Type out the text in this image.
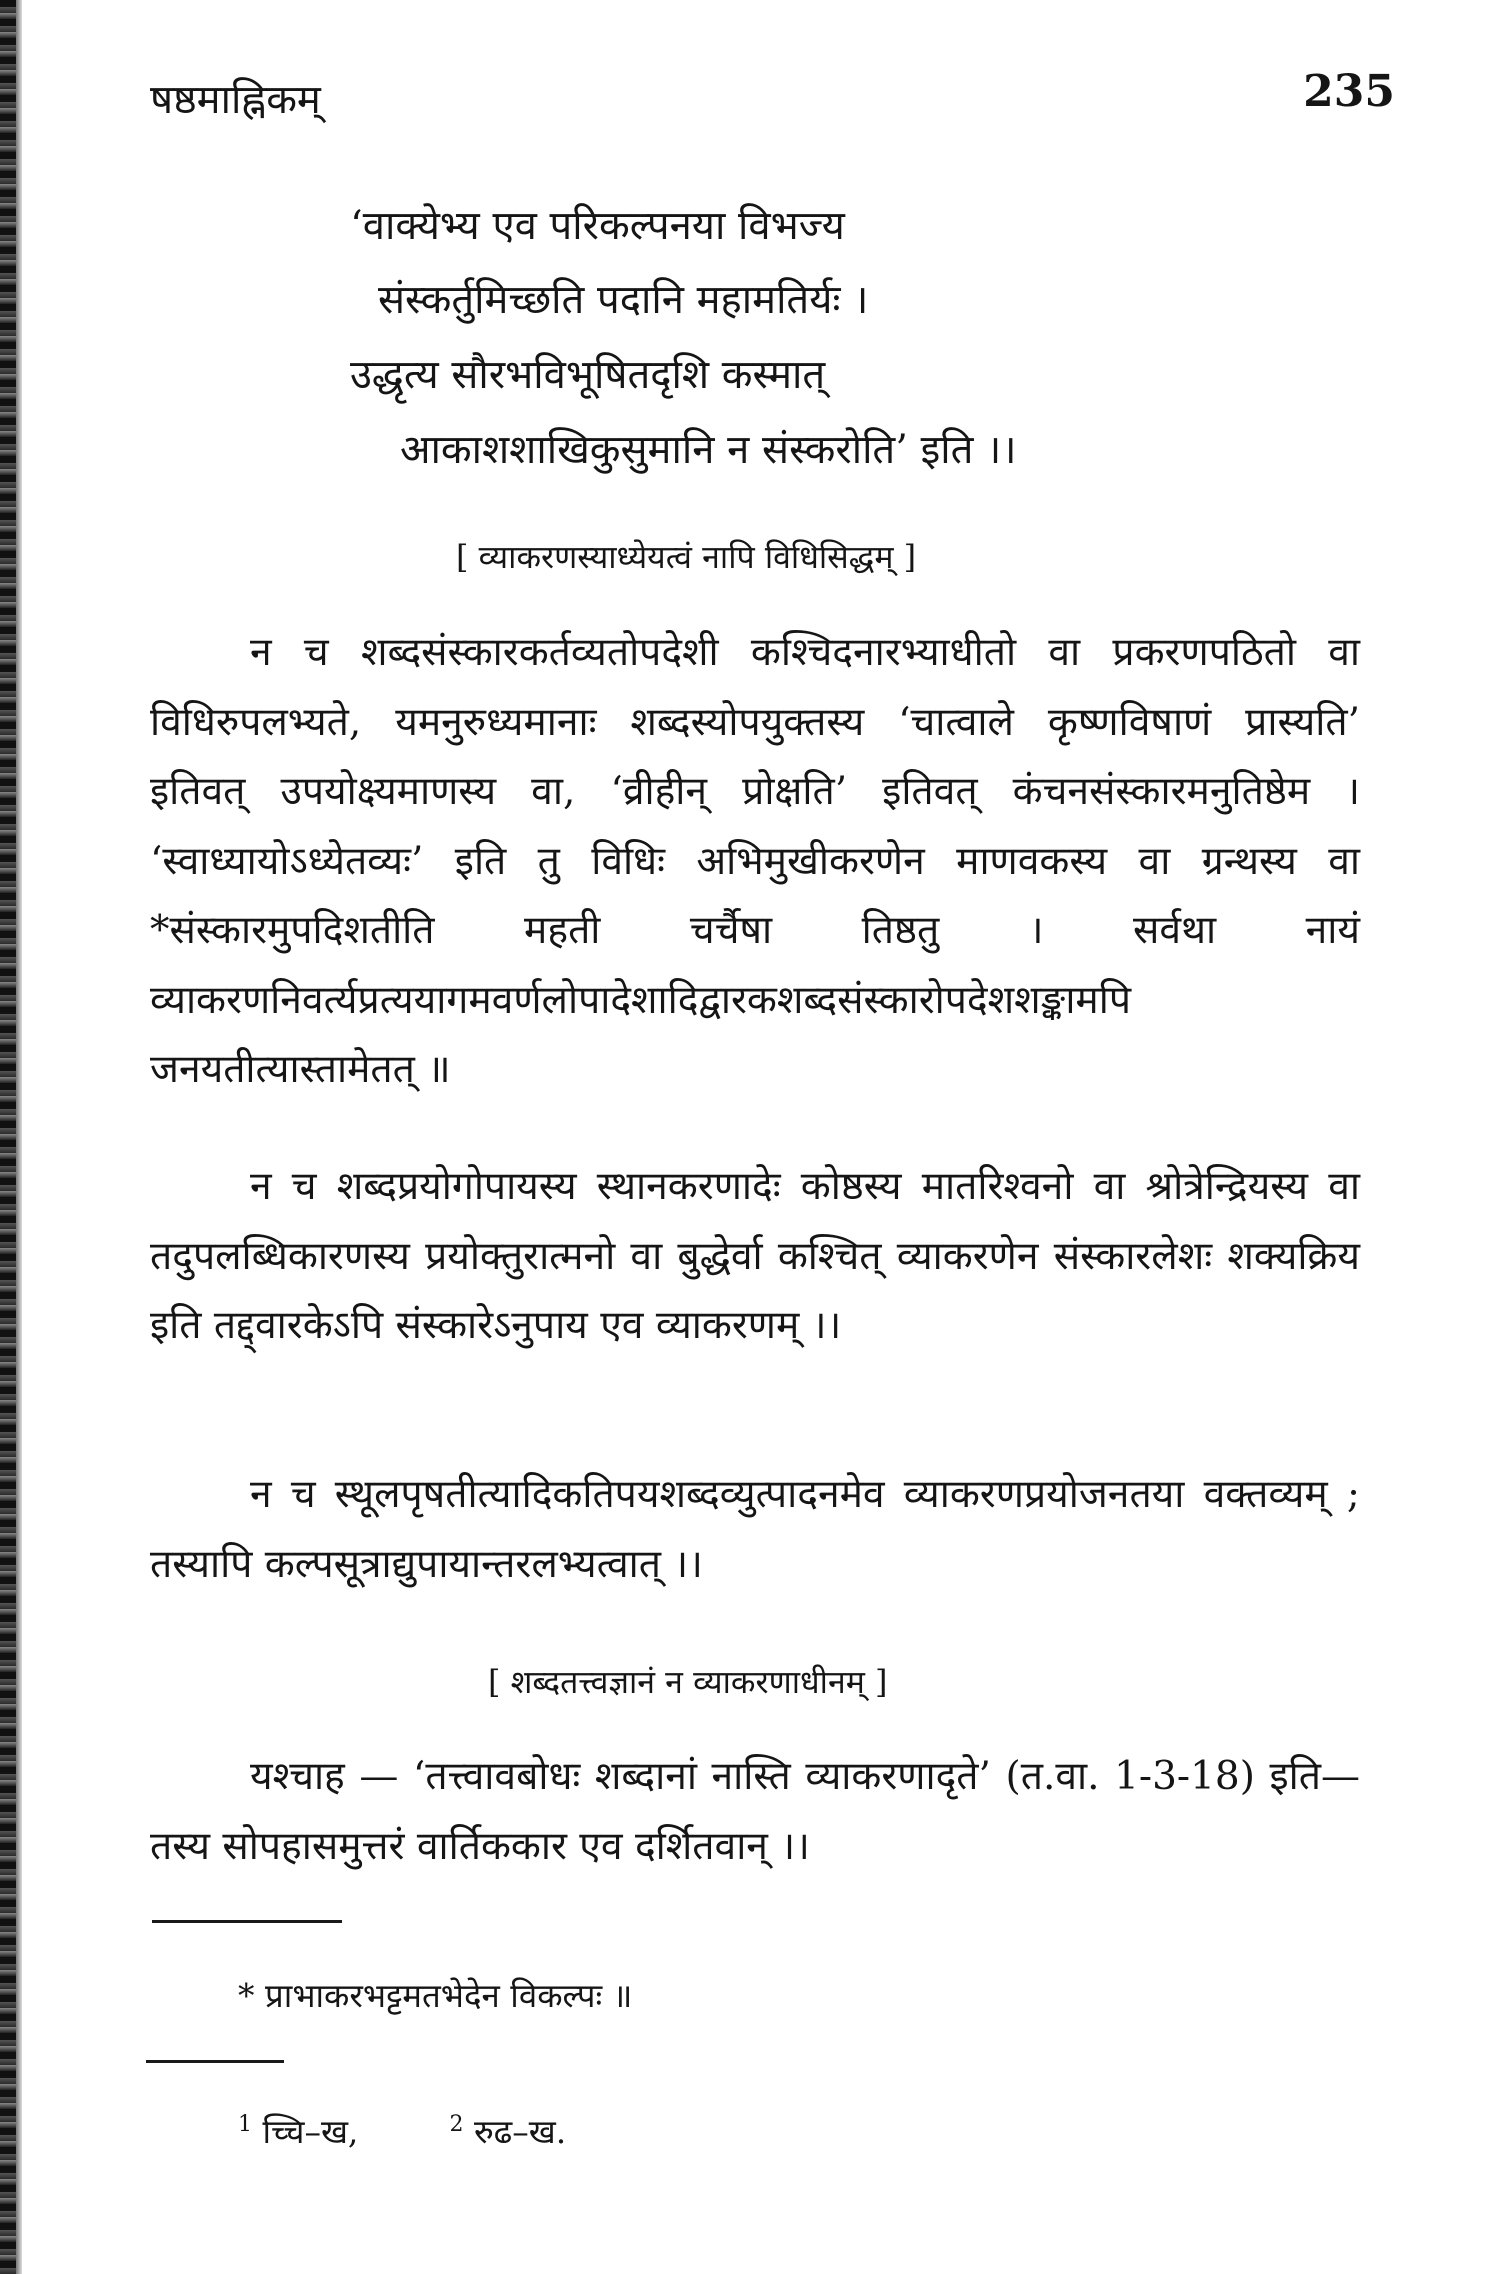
षष्ठमाह्निकम्	235
‘वाक्येभ्य एव परिकल्पनया विभज्य
संस्कर्तुमिच्छति पदानि महामतिर्यः ।
उद्धृत्य सौरभविभूषितदृशि कस्मात्
आकाशशाखिकुसुमानि न संस्करोति’ इति ।।
[ व्याकरणस्याध्येयत्वं नापि विधिसिद्धम् ]

न च शब्दसंस्कारकर्तव्यतोपदेशी कश्चिदनारभ्याधीतो वा प्रकरणपठितो वा विधिरुपलभ्यते, यमनुरुध्यमानाः शब्दस्योपयुक्तस्य ‘चात्वाले कृष्णविषाणं प्रास्यति’ इतिवत् उपयोक्ष्यमाणस्य वा, ‘व्रीहीन् प्रोक्षति’ इतिवत् कंचनसंस्कारमनुतिष्ठेम । ‘स्वाध्यायोऽध्येतव्यः’ इति तु विधिः अभिमुखीकरणेन माणवकस्य वा ग्रन्थस्य वा *संस्कारमुपदिशतीति महती चर्चैषा तिष्ठतु । सर्वथा नायं व्याकरणनिवर्त्यप्रत्ययागमवर्णलोपादेशादिद्वारकशब्दसंस्कारोपदेशशङ्कामपि जनयतीत्यास्तामेतत् ॥

न च शब्दप्रयोगोपायस्य स्थानकरणादेः कोष्ठस्य मातरिश्वनो वा श्रोत्रेन्द्रियस्य वा तदुपलब्धिकारणस्य प्रयोक्तुरात्मनो वा बुद्धेर्वा कश्चित् व्याकरणेन संस्कारलेशः शक्यक्रिय इति तद्द्वारकेऽपि संस्कारेऽनुपाय एव व्याकरणम् ।।

न च स्थूलपृषतीत्यादिकतिपयशब्दव्युत्पादनमेव व्याकरणप्रयोजनतया वक्तव्यम् ; तस्यापि कल्पसूत्राद्युपायान्तरलभ्यत्वात् ।।

[ शब्दतत्त्वज्ञानं न व्याकरणाधीनम् ]

यश्चाह — ‘तत्त्वावबोधः शब्दानां नास्ति व्याकरणादृते’ (त.वा. 1-3-18) इति—तस्य सोपहासमुत्तरं वार्तिककार एव दर्शितवान् ।।

* प्राभाकरभट्टमतभेदेन विकल्पः ॥
$^1$ च्चि–ख,	$^2$ रुढ–ख.
